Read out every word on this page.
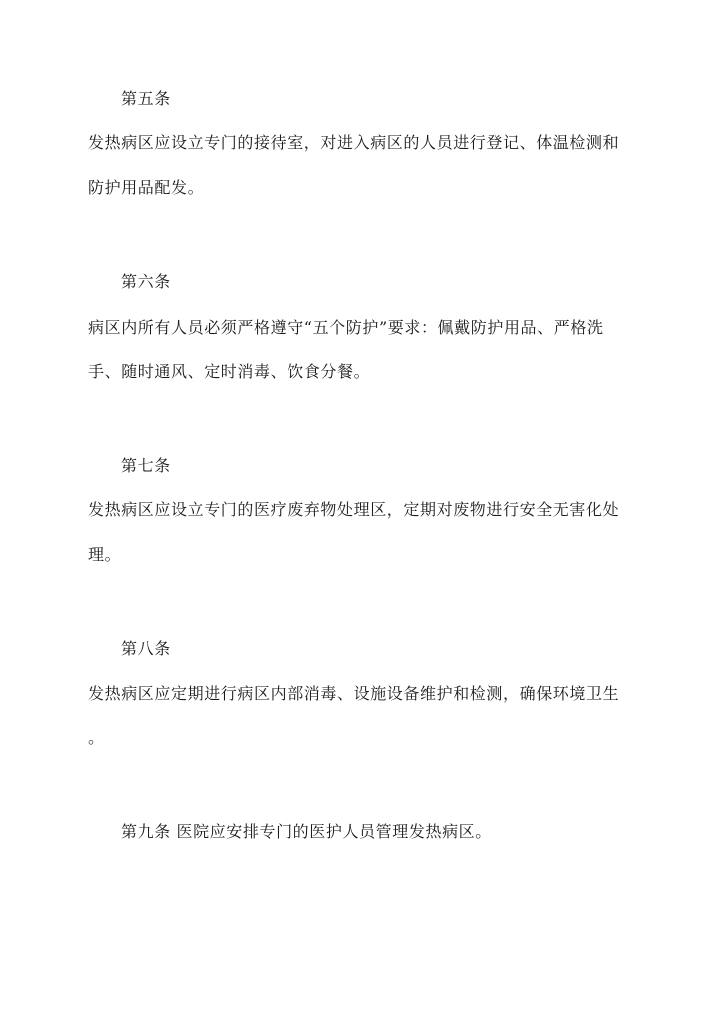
第五条
发热病区应设立专门的接待室，对进入病区的人员进行登记、体温检测和
防护用品配发。
第六条
病区内所有人员必须严格遵守“五个防护”要求：佩戴防护用品、严格洗
手、随时通风、定时消毒、饮食分餐。
第七条
发热病区应设立专门的医疗废弃物处理区，定期对废物进行安全无害化处
理。
第八条
发热病区应定期进行病区内部消毒、设施设备维护和检测，确保环境卫生
。
第九条 医院应安排专门的医护人员管理发热病区。
